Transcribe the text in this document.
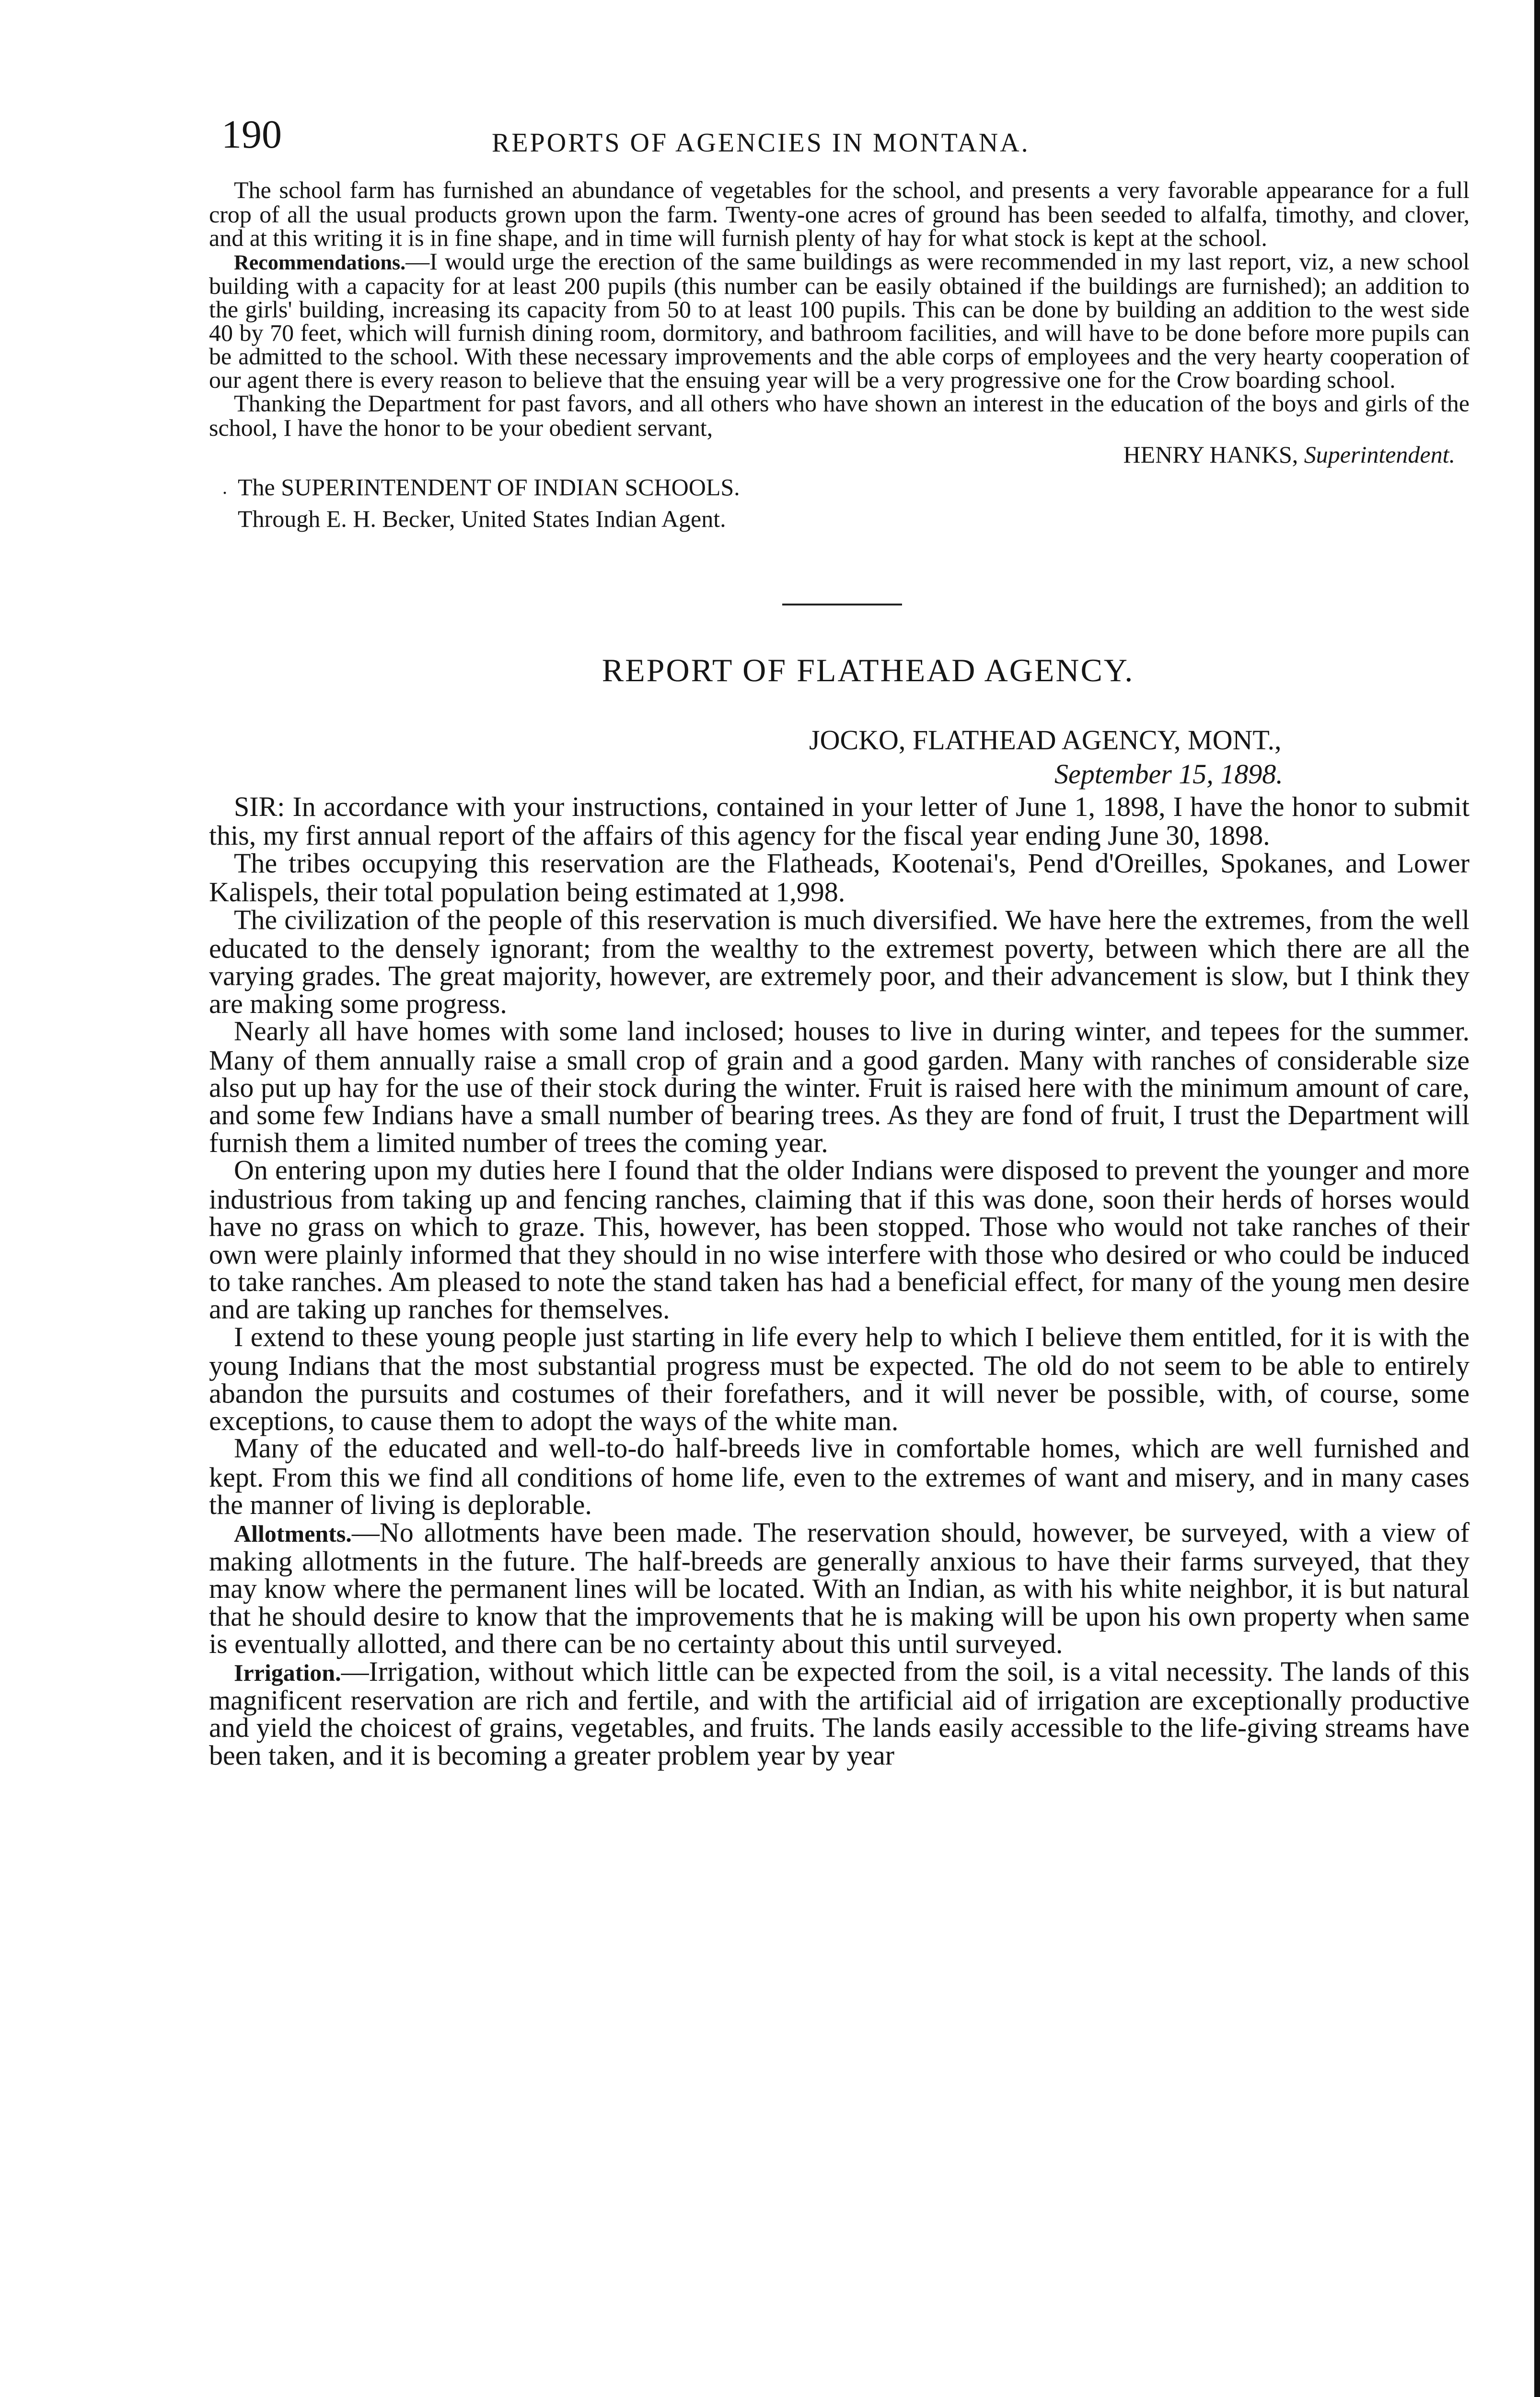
190	REPORTS OF AGENCIES IN MONTANA.

The school farm has furnished an abundance of vegetables for the school, and presents a very favorable appearance for a full crop of all the usual products grown upon the farm. Twenty-one acres of ground has been seeded to alfalfa, timothy, and clover, and at this writing it is in fine shape, and in time will furnish plenty of hay for what stock is kept at the school.

Recommendations.—I would urge the erection of the same buildings as were recommended in my last report, viz, a new school building with a capacity for at least 200 pupils (this number can be easily obtained if the buildings are furnished); an addition to the girls' building, increasing its capacity from 50 to at least 100 pupils. This can be done by building an addition to the west side 40 by 70 feet, which will furnish dining room, dormitory, and bathroom facilities, and will have to be done before more pupils can be admitted to the school. With these necessary improvements and the able corps of employees and the very hearty cooperation of our agent there is every reason to believe that the ensuing year will be a very progressive one for the Crow boarding school.

Thanking the Department for past favors, and all others who have shown an interest in the education of the boys and girls of the school, I have the honor to be your obedient servant,

HENRY HANKS, Superintendent.
. The SUPERINTENDENT OF INDIAN SCHOOLS.
Through E. H. Becker, United States Indian Agent.
REPORT OF FLATHEAD AGENCY.
JOCKO, FLATHEAD AGENCY, MONT.,
September 15, 1898.

SIR: In accordance with your instructions, contained in your letter of June 1, 1898, I have the honor to submit this, my first annual report of the affairs of this agency for the fiscal year ending June 30, 1898.

The tribes occupying this reservation are the Flatheads, Kootenai's, Pend d'Oreilles, Spokanes, and Lower Kalispels, their total population being estimated at 1,998.

The civilization of the people of this reservation is much diversified. We have here the extremes, from the well educated to the densely ignorant; from the wealthy to the extremest poverty, between which there are all the varying grades. The great majority, however, are extremely poor, and their advancement is slow, but I think they are making some progress.

Nearly all have homes with some land inclosed; houses to live in during winter, and tepees for the summer. Many of them annually raise a small crop of grain and a good garden. Many with ranches of considerable size also put up hay for the use of their stock during the winter. Fruit is raised here with the minimum amount of care, and some few Indians have a small number of bearing trees. As they are fond of fruit, I trust the Department will furnish them a limited number of trees the coming year.

On entering upon my duties here I found that the older Indians were disposed to prevent the younger and more industrious from taking up and fencing ranches, claiming that if this was done, soon their herds of horses would have no grass on which to graze. This, however, has been stopped. Those who would not take ranches of their own were plainly informed that they should in no wise interfere with those who desired or who could be induced to take ranches. Am pleased to note the stand taken has had a beneficial effect, for many of the young men desire and are taking up ranches for themselves.

I extend to these young people just starting in life every help to which I believe them entitled, for it is with the young Indians that the most substantial progress must be expected. The old do not seem to be able to entirely abandon the pursuits and costumes of their forefathers, and it will never be possible, with, of course, some exceptions, to cause them to adopt the ways of the white man.

Many of the educated and well-to-do half-breeds live in comfortable homes, which are well furnished and kept. From this we find all conditions of home life, even to the extremes of want and misery, and in many cases the manner of living is deplorable.

Allotments.—No allotments have been made. The reservation should, however, be surveyed, with a view of making allotments in the future. The half-breeds are generally anxious to have their farms surveyed, that they may know where the permanent lines will be located. With an Indian, as with his white neighbor, it is but natural that he should desire to know that the improvements that he is making will be upon his own property when same is eventually allotted, and there can be no certainty about this until surveyed.

Irrigation.—Irrigation, without which little can be expected from the soil, is a vital necessity. The lands of this magnificent reservation are rich and fertile, and with the artificial aid of irrigation are exceptionally productive and yield the choicest of grains, vegetables, and fruits. The lands easily accessible to the life-giving streams have been taken, and it is becoming a greater problem year by year
